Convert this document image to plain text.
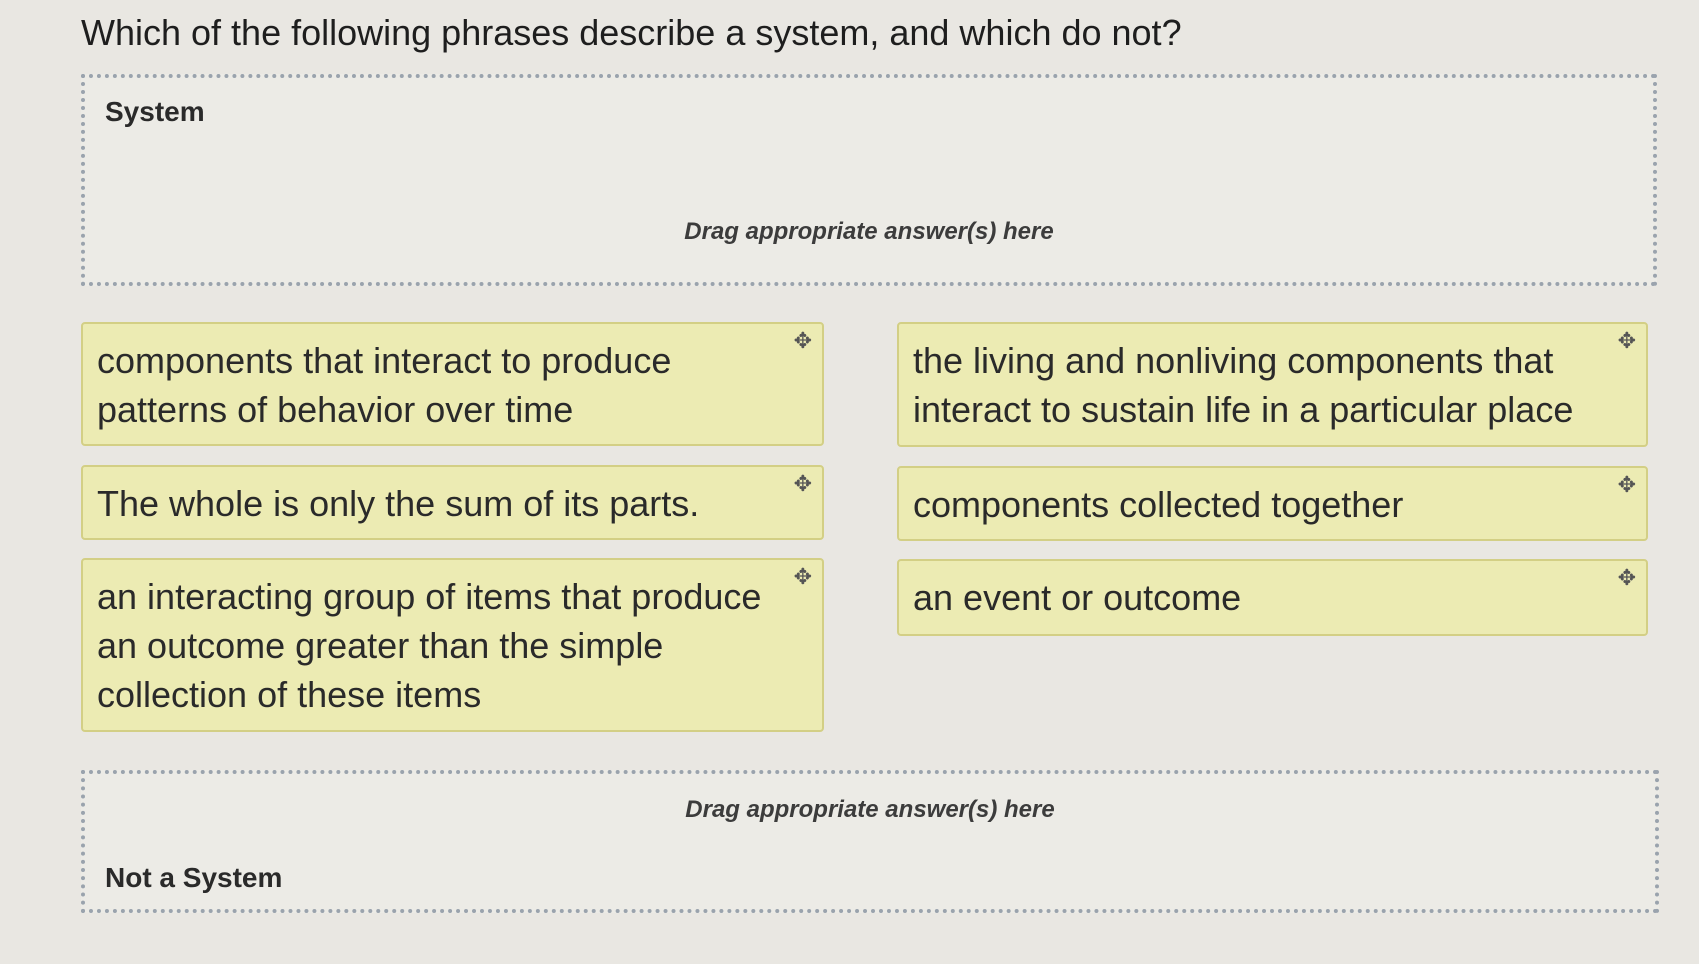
Which of the following phrases describe a system, and which do not?
System
Drag appropriate answer(s) here
components that interact to produce patterns of behavior over time
✥	the living and nonliving components that interact to sustain life in a particular place
✥
The whole is only the sum of its parts.	✥
components collected together	✥
an interacting group of items that produce an outcome greater than the simple collection of these items
✥
an event or outcome	✥
Drag appropriate answer(s) here
Not a System
